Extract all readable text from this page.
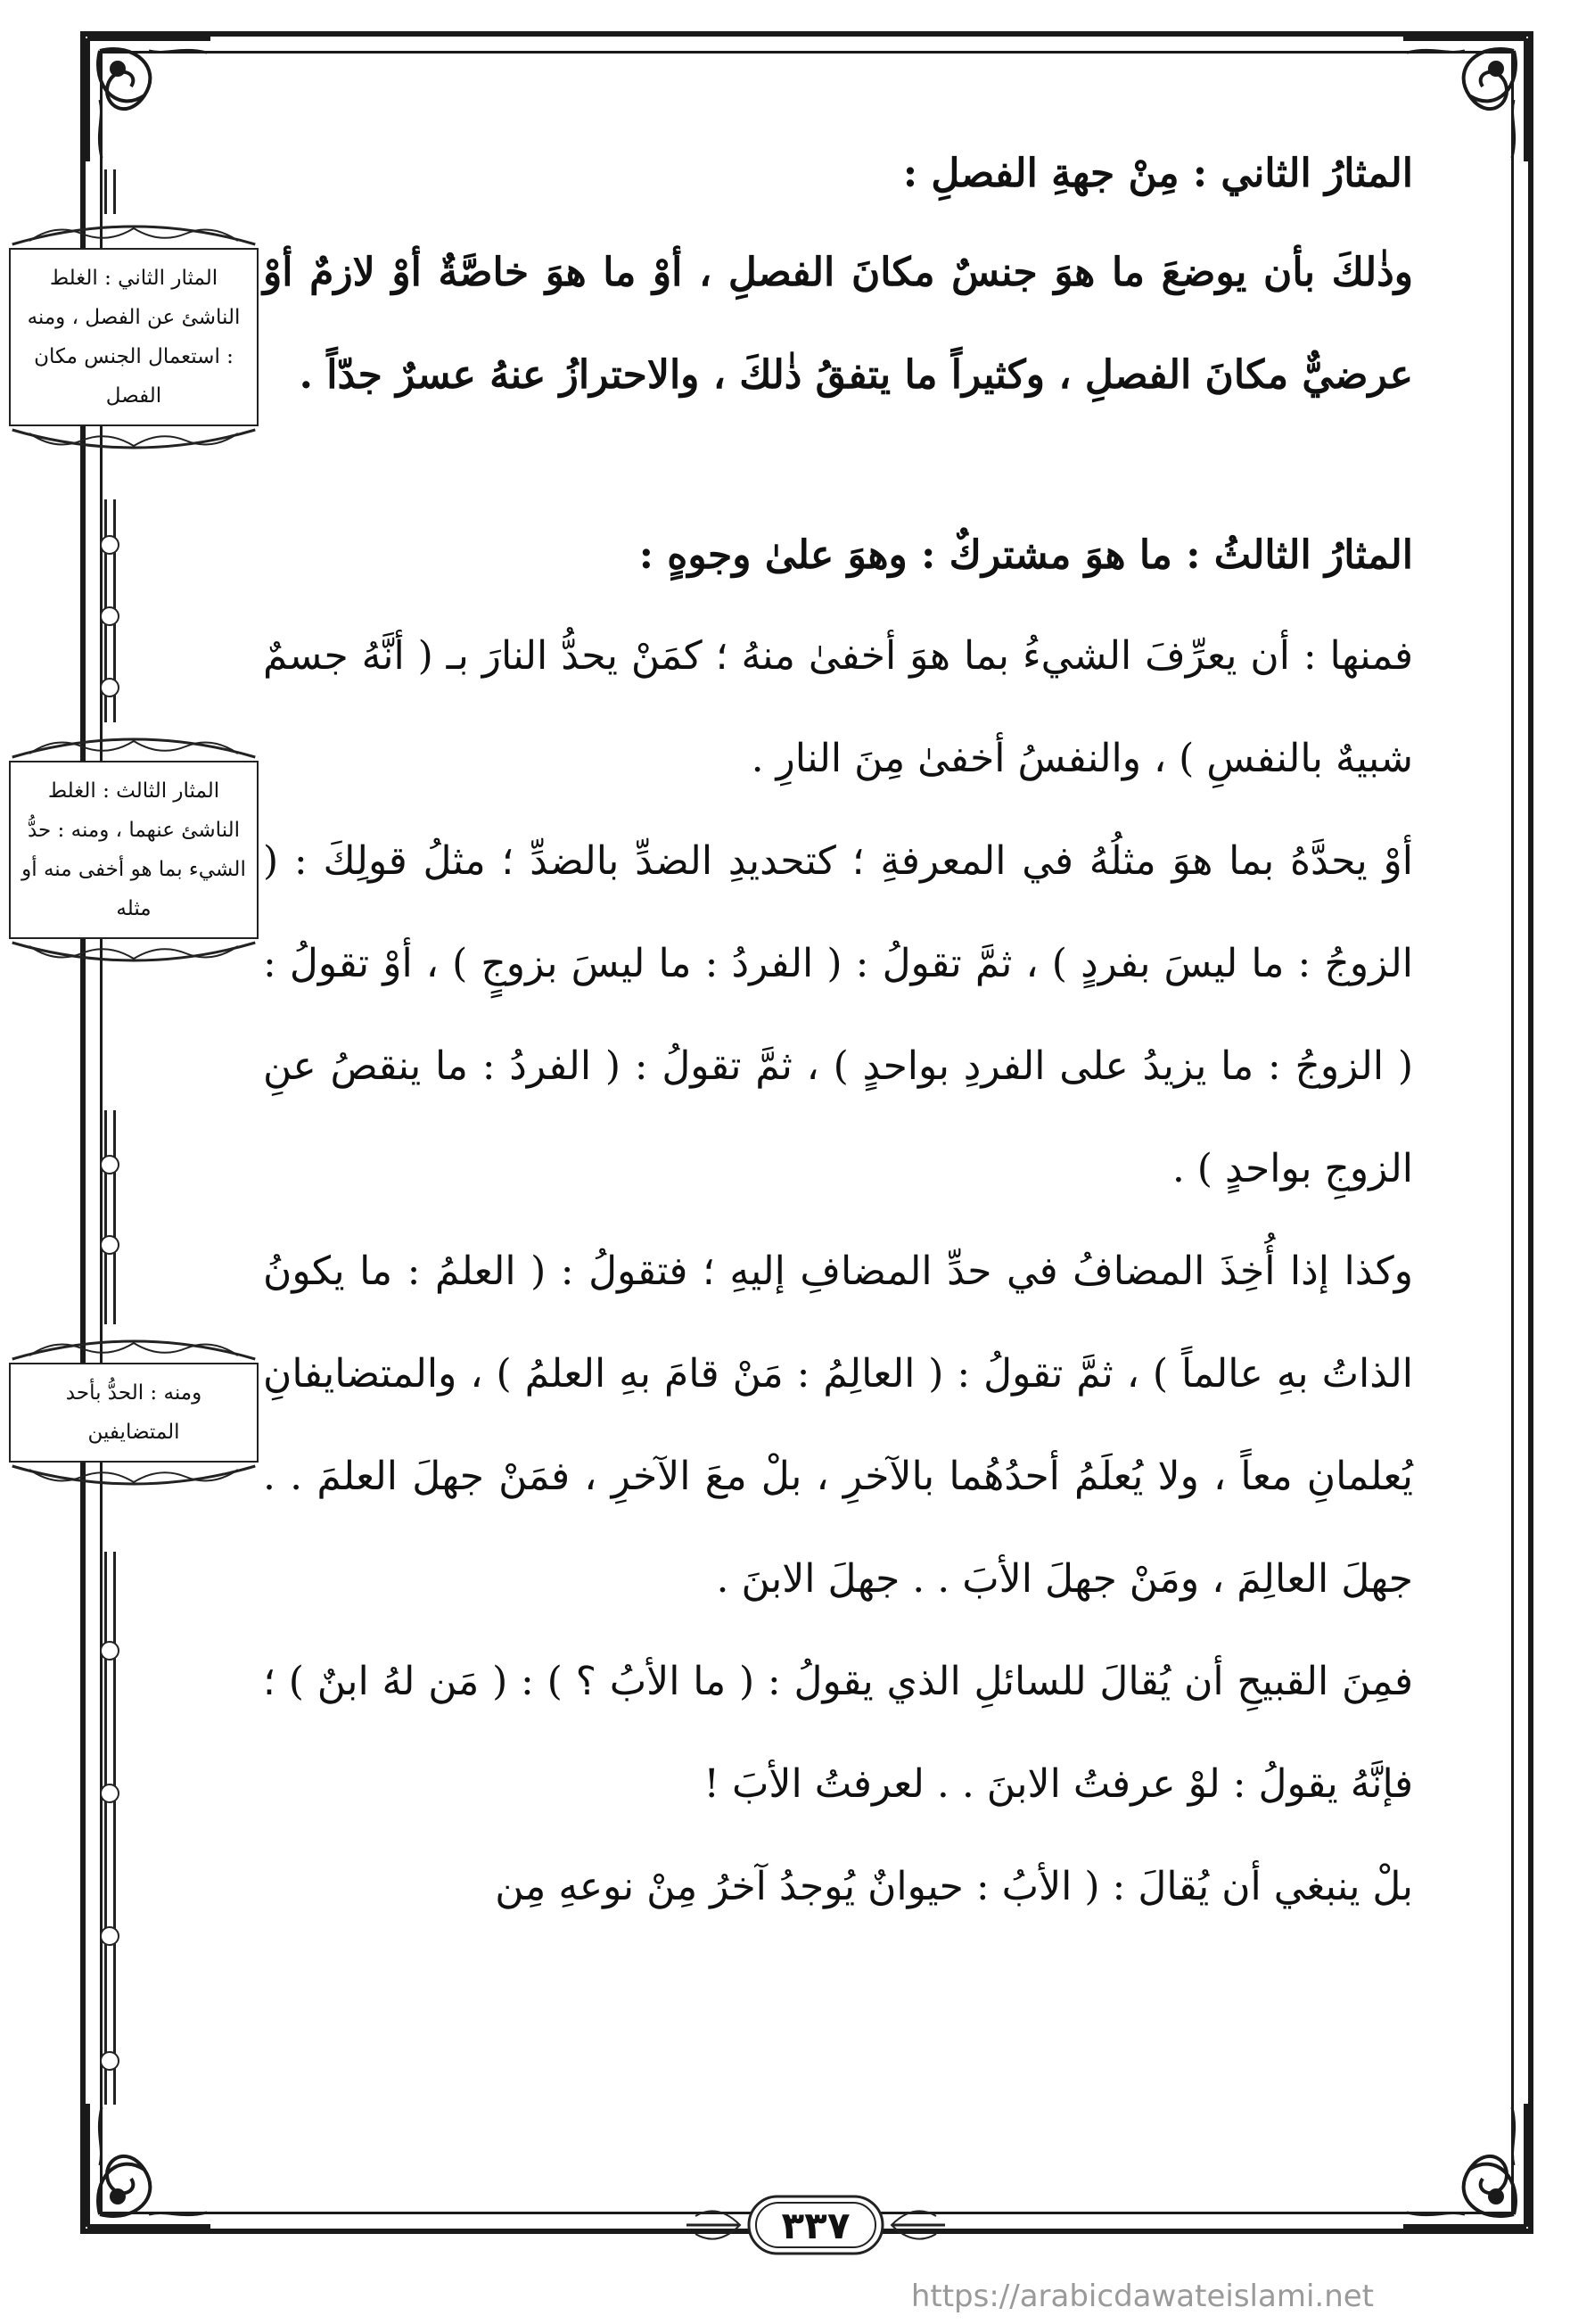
المثار الثاني : الغلط الناشئ عن الفصل ، ومنه : استعمال الجنس مكان الفصل
المثار الثالث : الغلط الناشئ عنهما ، ومنه : حدُّ الشيء بما هو أخفى منه أو مثله
ومنه : الحدُّ بأحد المتضايفين

المثارُ الثاني : مِنْ جهةِ الفصلِ :

وذٰلكَ بأن يوضعَ ما هوَ جنسٌ مكانَ الفصلِ ، أوْ ما هوَ خاصَّةٌ أوْ لازمٌ أوْ عرضيٌّ مكانَ الفصلِ ، وكثيراً ما يتفقُ ذٰلكَ ، والاحترازُ عنهُ عسرٌ جدّاً .

المثارُ الثالثُ : ما هوَ مشتركٌ : وهوَ علىٰ وجوهٍ :

فمنها : أن يعرِّفَ الشيءُ بما هوَ أخفىٰ منهُ ؛ كمَنْ يحدُّ النارَ بـ ( أنَّهُ جسمٌ شبيهٌ بالنفسِ ) ، والنفسُ أخفىٰ مِنَ النارِ .

أوْ يحدَّهُ بما هوَ مثلُهُ في المعرفةِ ؛ كتحديدِ الضدِّ بالضدِّ ؛ مثلُ قولِكَ : ( الزوجُ : ما ليسَ بفردٍ ) ، ثمَّ تقولُ : ( الفردُ : ما ليسَ بزوجٍ ) ، أوْ تقولُ : ( الزوجُ : ما يزيدُ على الفردِ بواحدٍ ) ، ثمَّ تقولُ : ( الفردُ : ما ينقصُ عنِ الزوجِ بواحدٍ ) .

وكذا إذا أُخِذَ المضافُ في حدِّ المضافِ إليهِ ؛ فتقولُ : ( العلمُ : ما يكونُ الذاتُ بهِ عالماً ) ، ثمَّ تقولُ : ( العالِمُ : مَنْ قامَ بهِ العلمُ ) ، والمتضايفانِ يُعلمانِ معاً ، ولا يُعلَمُ أحدُهُما بالآخرِ ، بلْ معَ الآخرِ ، فمَنْ جهلَ العلمَ . . جهلَ العالِمَ ، ومَنْ جهلَ الأبَ . . جهلَ الابنَ .

فمِنَ القبيحِ أن يُقالَ للسائلِ الذي يقولُ : ( ما الأبُ ؟ ) : ( مَن لهُ ابنٌ ) ؛ فإنَّهُ يقولُ : لوْ عرفتُ الابنَ . . لعرفتُ الأبَ !

بلْ ينبغي أن يُقالَ : ( الأبُ : حيوانٌ يُوجدُ آخرُ مِنْ نوعهِ مِن

٣٣٧
https://arabicdawateislami.net
